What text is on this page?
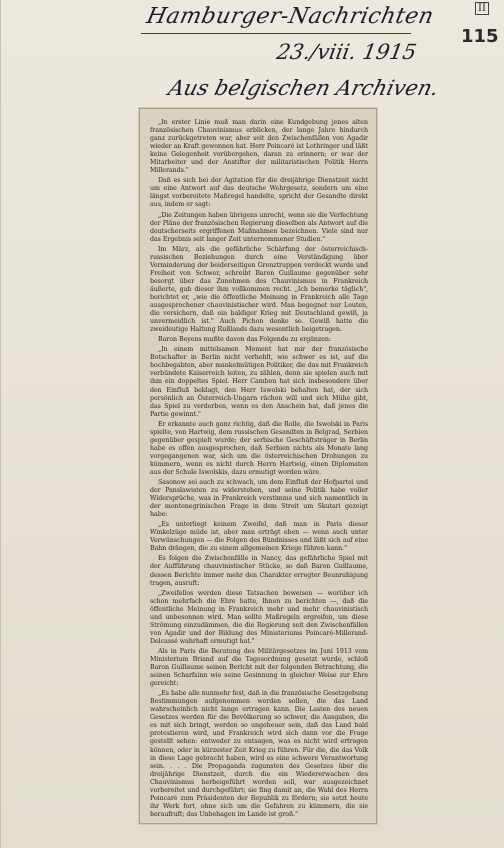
II
115
Hamburger-Nachrichten
23./viii. 1915
Aus belgischen Archiven.

„In erster Linie muß man darin eine Kundgebung jenes alten französischen Chauvinismus erblicken, der lange Jahre hindurch ganz zurückgetreten war, aber seit den Zwischenfällen von Agadir wieder an Kraft gewonnen hat. Herr Poincaré ist Lothringer und läßt keine Gelegenheit vorübergehen, daran zu erinnern; er war der Mitarbeiter und der Anstifter der militaristischen Politik Herrn Millerands."

Daß es sich bei der Agitation für die dreijährige Dienstzeit nicht um eine Antwort auf das deutsche Wehrgesetz, sondern um eine längst vorbereitete Maßregel handelte, spricht der Gesandte direkt aus, indem er sagt:

„Die Zeitungen haben übrigens unrecht, wenn sie die Verfechtung der Pläne der französischen Regierung dieselben als Antwort auf die deutscherseits ergriffenen Maßnahmen bezeichnen. Viele sind nur das Ergebnis seit langer Zeit unternommener Studien."

Im März, als die gefährliche Schärfung der österreichisch-russischen Beziehungen durch eine Verständigung über Verminderung der beiderseitigen Grenztruppen verdeckt wurde und Freiheit von Schwer, schreibt Baron Guillaume gegenüber sehr besorgt über das Zunehmen des Chauvinismus in Frankreich äußerte, gab dieser ihm vollkommen recht. „Ich bemerke täglich", berichtet er, „wie die öffentliche Meinung in Frankreich alle Tage ausgesprochener chauvinistischer wird. Man begegnet nur Leuten, die versichern, daß ein baldiger Krieg mit Deutschland gewiß, ja unvermeidlich ist." Auch Pichon denke so. Gewiß hatte die zweideutige Haltung Rußlands dazu wesentlich beigetragen.

Baron Beyens mußte davon das Folgende zu ergänzen:

„In einem mittelsamen Moment hat mir der französische Botschafter in Berlin nicht verhehlt, wie schwer es ist, auf die hochbegabten, aber mankelmütigen Politiker, die das mit Frankreich verbündete Kaiserreich leiten, zu zählen, denn sie spielen auch mit ihm ein doppeltes Spiel. Herr Cambon hat sich insbesondere über den Einfluß beklagt, den Herr Iswolski behalten hat, der sich persönlich an Österreich-Ungarn rächen will und sich Mühe gibt, das Spiel zu verderben, wenn es den Anschein hat, daß jenes die Partie gewinnt."

Er erkannte auch ganz richtig, daß die Rolle, die Iswolski in Paris spielte, von Hartwig, dem russischen Gesandten in Belgrad, Serbien gegenüber gespielt wurde; der serbische Geschäftsträger in Berlin habe es offen ausgesprochen, daß Serbien nichts als Monate lang vorgegangenen war, sich um die österreichischen Drohungen zu kümmern, wenn es nicht durch Herrn Hartwig, einen Diplomaten aus der Schule Iswolskis, dazu ermutigt worden wäre.

Sasonow sei auch zu schwach, um dem Einfluß der Hofpartei und der Panslawisten zu widerstehen, und seine Politik habe voller Widersprüche, was in Frankreich verstimme und sich namentlich in der montenegrinischen Frage in dem Streit um Skutari gezeigt habe:

„Es unterliegt keinem Zweifel, daß man in Paris dieser Winkelzüge müde ist, aber man erträgt eben — wenn auch unter Verwünschungen — die Folgen des Bündnisses und läßt sich auf eine Bahn drängen, die zu einem allgemeinen Kriege führen kann."

Es folgen die Zwischenfälle in Nancy, das gefährliche Spiel mit der Aufführung chauvinistischer Stücke, so daß Baron Guillaume, dessen Berichte immer mehr den Charakter erregter Beunruhigung tragen, ausruft:

„Zweifellos werden diese Tatsachen beweisen — worüber ich schon mehrfach die Ehre hatte, Ihnen zu berichten —, daß die öffentliche Meinung in Frankreich mehr und mehr chauvinistisch und unbesonnen wird. Man sollte Maßregeln ergreifen, um diese Strömung einzudämmen, die die Regierung seit den Zwischenfällen von Agadir und der Bildung des Ministeriums Poincaré-Millerand-Delcassé wahrhaft ermutigt hat."

Als in Paris die Beratung des Militärgesetzes im Juni 1913 vom Ministerium Briand auf die Tagesordnung gesetzt wurde, schloß Baron Guillaume seinen Bericht mit der folgenden Betrachtung, die seinen Scharfsinn wie seine Gesinnung in gleicher Weise zur Ehre gereicht:

„Es habe alle nunmehr fest, daß in die französische Gesetzgebung Bestimmungen aufgenommen werden sollen, die das Land wahrscheinlich nicht lange ertragen kann. Die Lasten des neuen Gesetzes werden für die Bevölkerung so schwer, die Ausgaben, die es mit sich bringt, werden so ungeheuer sein, daß das Land bald protestieren wird, und Frankreich wird sich dann vor die Frage gestellt sehen: entweder zu entsagen, was es nicht wird ertragen können, oder in kürzester Zeit Krieg zu führen. Für die, die das Volk in diese Lage gebracht haben, wird es eine schwere Verantwortung sein. . . . Die Propaganda zugunsten des Gesetzes über die dreijährige Dienstzeit, durch die ein Wiedererwachen des Chauvinismus herbeigeführt worden soll, war ausgezeichnet vorbereitet und durchgeführt; sie fing damit an, die Wahl des Herrn Poincaré zum Präsidenten der Republik zu fördern; sie setzt heute ihr Werk fort, ohne sich um die Gefahren zu kümmern, die sie heraufruft; das Unbehagen im Lande ist groß."
